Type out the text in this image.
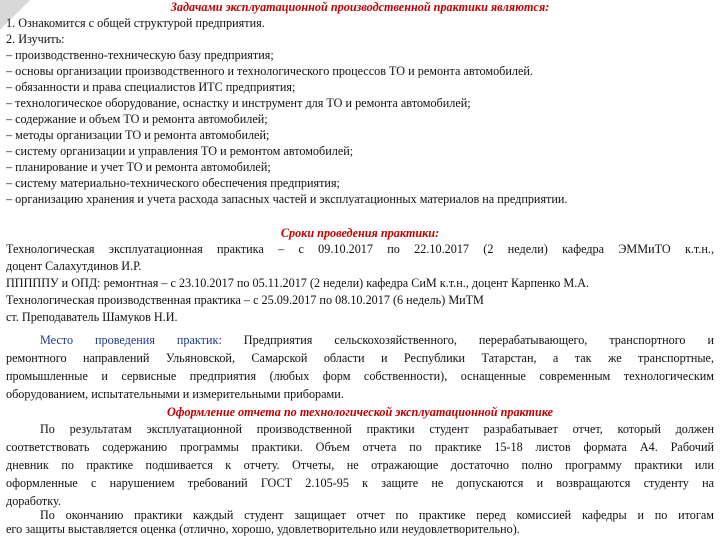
Задачами эксплуатационной производственной практики являются:
1. Ознакомится с общей структурой предприятия.
2. Изучить:
– производственно-техническую базу предприятия;
– основы организации производственного и технологического процессов ТО и ремонта автомобилей.
– обязанности и права специалистов ИТС предприятия;
– технологическое оборудование, оснастку и инструмент для ТО и ремонта автомобилей;
– содержание и объем ТО и ремонта автомобилей;
– методы организации ТО и ремонта автомобилей;
– систему организации и управления ТО и ремонтом автомобилей;
– планирование и учет ТО и ремонта автомобилей;
– систему материально-технического обеспечения предприятия;
– организацию хранения и учета расхода запасных частей и эксплуатационных материалов на предприятии.
Сроки проведения практики:
Технологическая эксплуатационная практика – с 09.10.2017 по 22.10.2017 (2 недели) кафедра ЭММиТО к.т.н.,
доцент Салахутдинов И.Р.
ПППППУ и ОПД: ремонтная – с 23.10.2017 по 05.11.2017 (2 недели) кафедра СиМ к.т.н., доцент Карпенко М.А.
Технологическая производственная практика – с 25.09.2017 по 08.10.2017 (6 недель) МиТМ
ст. Преподаватель Шамуков Н.И.
Место проведения практик: Предприятия сельскохозяйственного, перерабатывающего, транспортного и
ремонтного направлений Ульяновской, Самарской области и Республики Татарстан, а так же транспортные,
промышленные и сервисные предприятия (любых форм собственности), оснащенные современным технологическим
оборудованием, испытательными и измерительными приборами.
Оформление отчета по технологической эксплуатационной практике
По результатам эксплуатационной производственной практики студент разрабатывает отчет, который должен
соответствовать содержанию программы практики. Объем отчета по практике 15-18 листов формата А4. Рабочий
дневник по практике подшивается к отчету. Отчеты, не отражающие достаточно полно программу практики или
оформленные с нарушением требований ГОСТ 2.105-95 к защите не допускаются и возвращаются студенту на
доработку.
По окончанию практики каждый студент защищает отчет по практике перед комиссией кафедры и по итогам
его защиты выставляется оценка (отлично, хорошо, удовлетворительно или неудовлетворительно).
